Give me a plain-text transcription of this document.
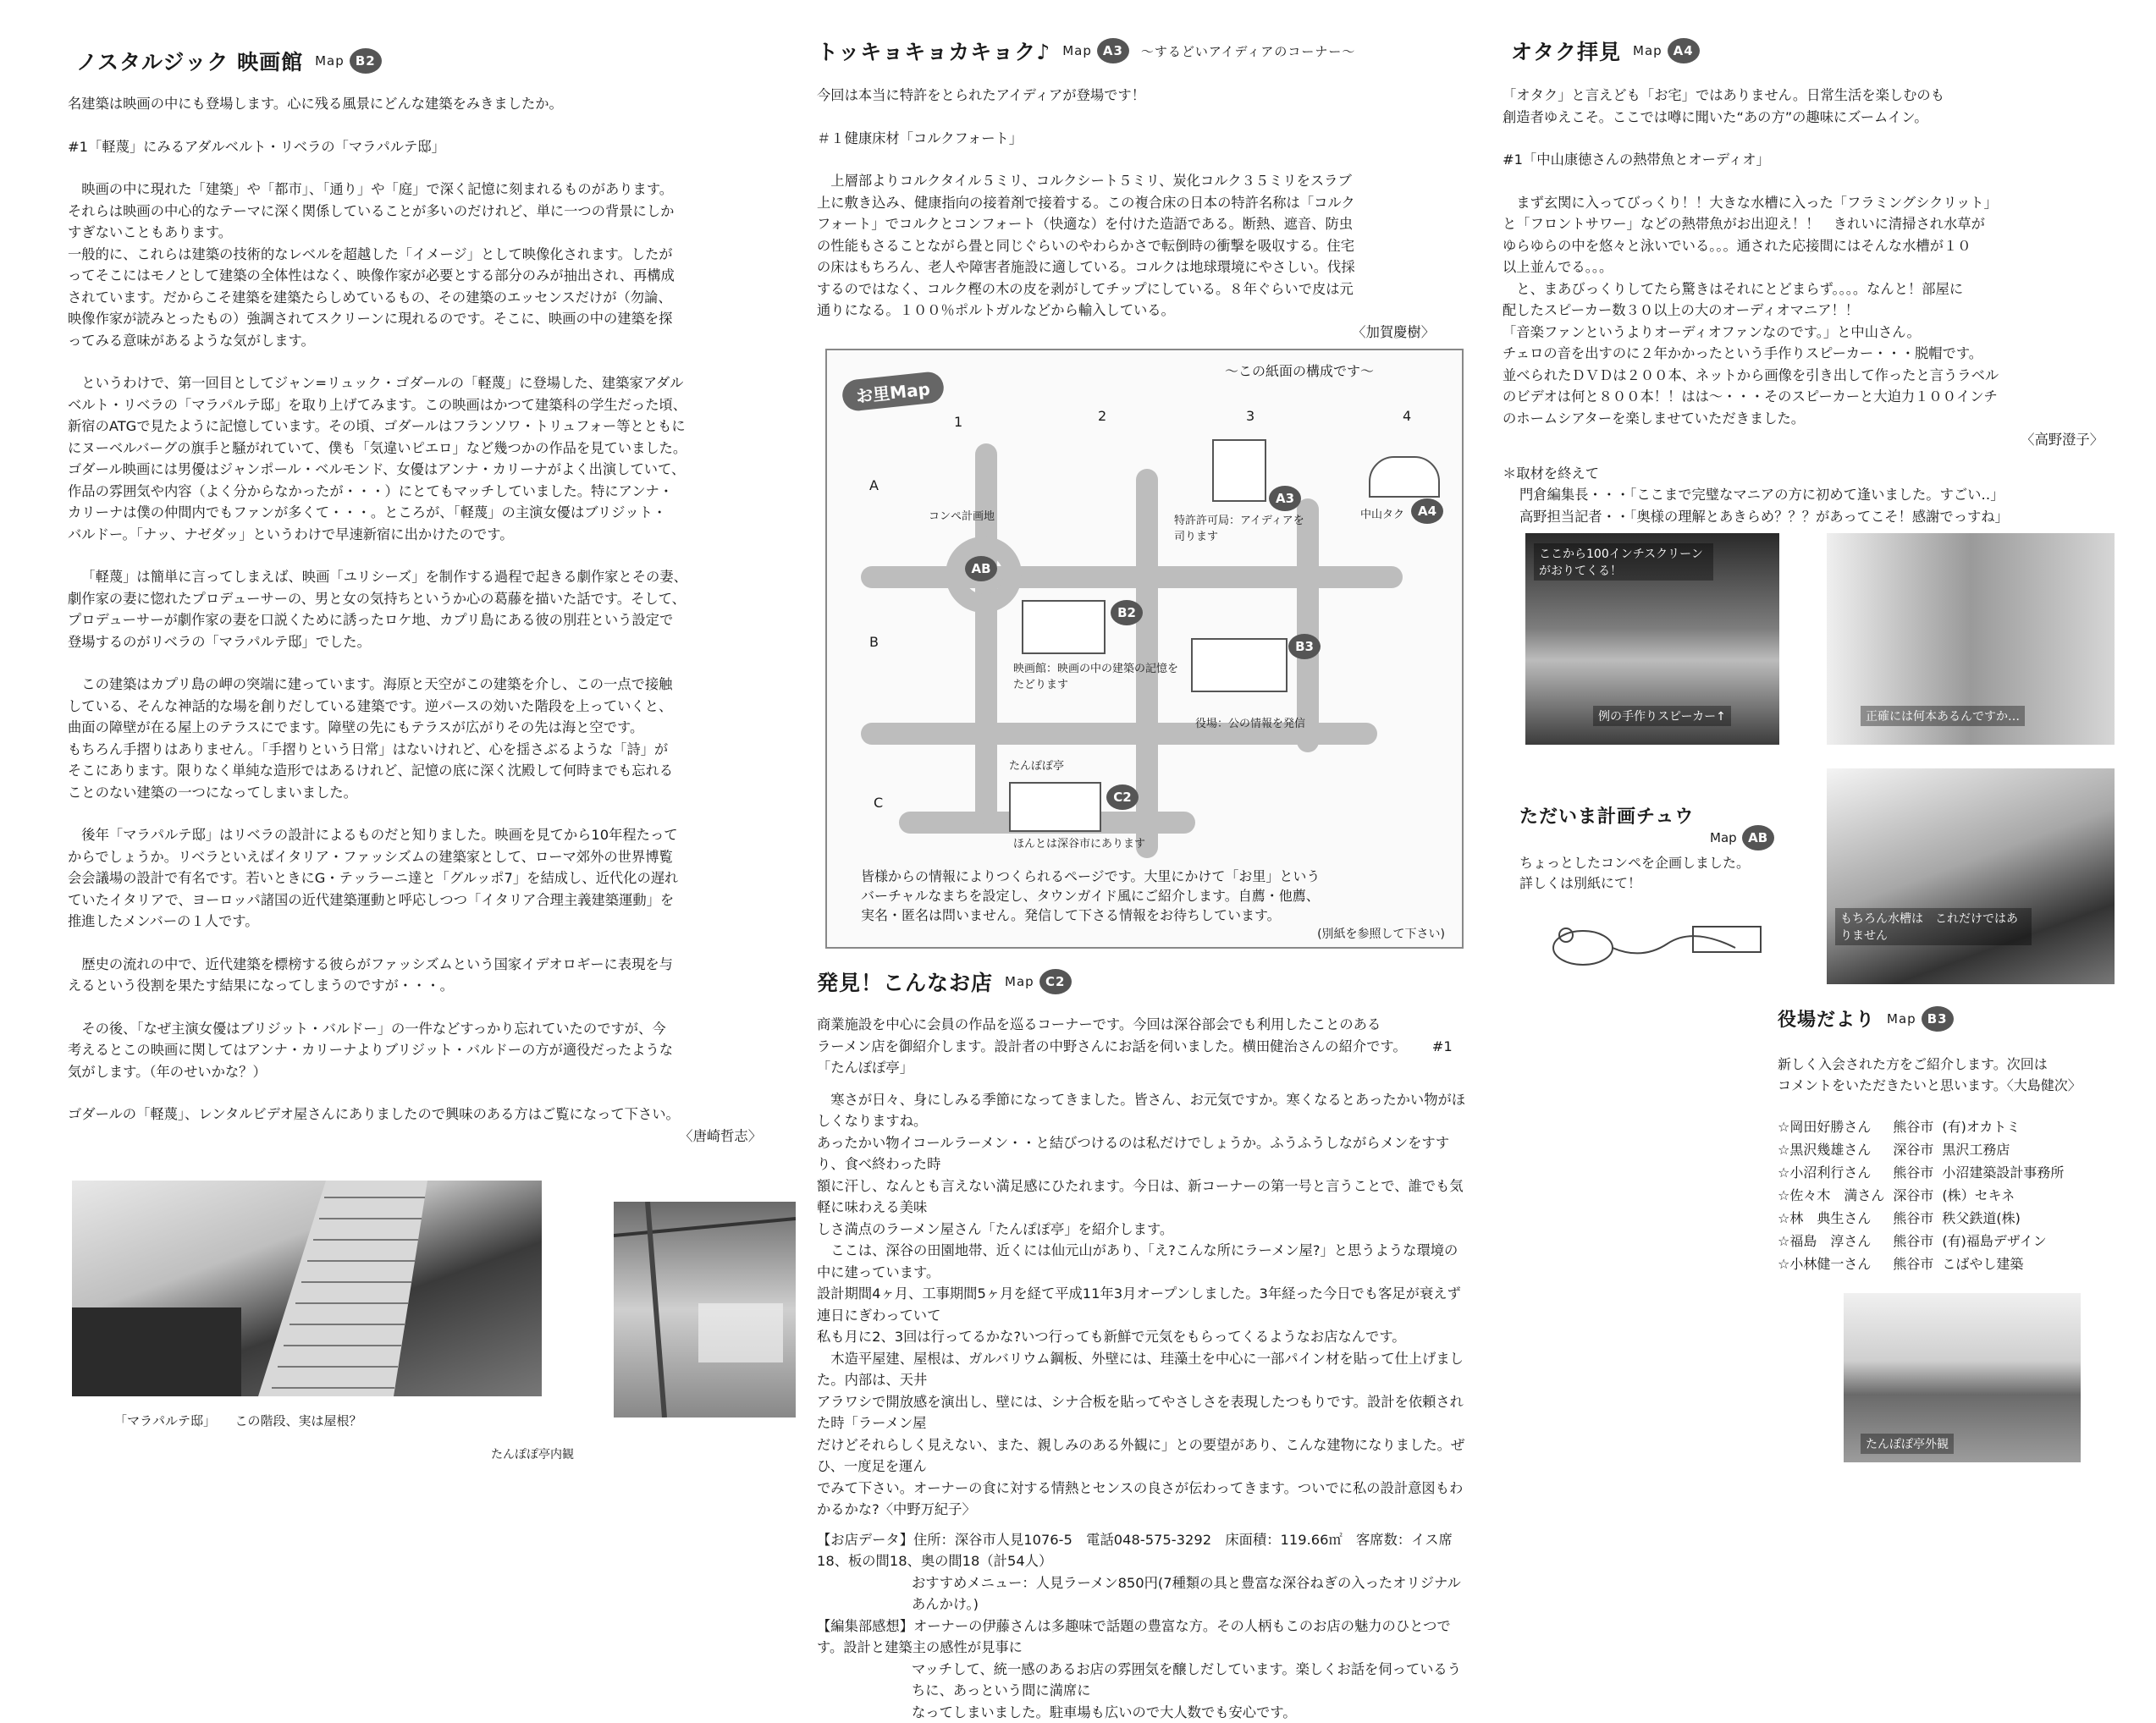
ノスタルジック 映画館 Map B2

名建築は映画の中にも登場します。心に残る風景にどんな建築をみきましたか。

#1「軽蔑」にみるアダルベルト・リベラの「マラパルテ邸」

映画の中に現れた「建築」や「都市」、「通り」や「庭」で深く記憶に刻まれるものがあります。

それらは映画の中心的なテーマに深く関係していることが多いのだけれど、単に一つの背景にしか

すぎないこともあります。

一般的に、これらは建築の技術的なレベルを超越した「イメージ」として映像化されます。したが

ってそこにはモノとして建築の全体性はなく、映像作家が必要とする部分のみが抽出され、再構成

されています。だからこそ建築を建築たらしめているもの、その建築のエッセンスだけが（勿論、

映像作家が読みとったもの）強調されてスクリーンに現れるのです。そこに、映画の中の建築を探

ってみる意味があるような気がします。

というわけで、第一回目としてジャン=リュック・ゴダールの「軽蔑」に登場した、建築家アダル

ベルト・リベラの「マラパルテ邸」を取り上げてみます。この映画はかつて建築科の学生だった頃、

新宿のATGで見たように記憶しています。その頃、ゴダールはフランソワ・トリュフォー等とともに

にヌーベルバーグの旗手と騒がれていて、僕も「気違いピエロ」など幾つかの作品を見ていました。

ゴダール映画には男優はジャンポール・ベルモンド、女優はアンナ・カリーナがよく出演していて、

作品の雰囲気や内容（よく分からなかったが・・・）にとてもマッチしていました。特にアンナ・

カリーナは僕の仲間内でもファンが多くて・・・。ところが、「軽蔑」の主演女優はブリジット・

バルドー。「ナッ、ナゼダッ」というわけで早速新宿に出かけたのです。

「軽蔑」は簡単に言ってしまえば、映画「ユリシーズ」を制作する過程で起きる劇作家とその妻、

劇作家の妻に惚れたプロデューサーの、男と女の気持ちというか心の葛藤を描いた話です。そして、

プロデューサーが劇作家の妻を口説くために誘ったロケ地、カプリ島にある彼の別荘という設定で

登場するのがリベラの「マラパルテ邸」でした。

この建築はカプリ島の岬の突端に建っています。海原と天空がこの建築を介し、この一点で接触

している、そんな神話的な場を創りだしている建築です。逆パースの効いた階段を上っていくと、

曲面の障壁が在る屋上のテラスにでます。障壁の先にもテラスが広がりその先は海と空です。

もちろん手摺りはありません。「手摺りという日常」はないけれど、心を揺さぶるような「詩」が

そこにあります。限りなく単純な造形ではあるけれど、記憶の底に深く沈殿して何時までも忘れる

ことのない建築の一つになってしまいました。

後年「マラパルテ邸」はリベラの設計によるものだと知りました。映画を見てから10年程たって

からでしょうか。リベラといえばイタリア・ファッシズムの建築家として、ローマ郊外の世界博覧

会会議場の設計で有名です。若いときにG・テッラーニ達と「グルッポ7」を結成し、近代化の遅れ

ていたイタリアで、ヨーロッパ諸国の近代建築運動と呼応しつつ「イタリア合理主義建築運動」を

推進したメンバーの１人です。

歴史の流れの中で、近代建築を標榜する彼らがファッシズムという国家イデオロギーに表現を与

えるという役割を果たす結果になってしまうのですが・・・。

その後、「なぜ主演女優はブリジット・バルドー」の一件などすっかり忘れていたのですが、今

考えるとこの映画に関してはアンナ・カリーナよりブリジット・バルドーの方が適役だったような

気がします。（年のせいかな？）

ゴダールの「軽蔑」、レンタルビデオ屋さんにありましたので興味のある方はご覧になって下さい。

〈唐崎哲志〉

「マラパルテ邸」　　この階段、実は屋根？
たんぽぽ亭内観
トッキョキョカキョク♪ Map A3	〜するどいアイディアのコーナー〜

今回は本当に特許をとられたアイディアが登場です！

＃１健康床材「コルクフォート」

上層部よりコルクタイル５ミリ、コルクシート５ミリ、炭化コルク３５ミリをスラブ

上に敷き込み、健康指向の接着剤で接着する。この複合床の日本の特許名称は「コルク

フォート」でコルクとコンフォート（快適な）を付けた造語である。断熱、遮音、防虫

の性能もさることながら畳と同じぐらいのやわらかさで転倒時の衝撃を吸収する。住宅

の床はもちろん、老人や障害者施設に適している。コルクは地球環境にやさしい。伐採

するのではなく、コルク樫の木の皮を剥がしてチップにしている。８年ぐらいで皮は元

通りになる。１００％ポルトガルなどから輸入している。

〈加賀慶樹〉

お里Map
〜この紙面の構成です〜
1	2	3	4
A
B
C
コンペ計画地
AB
A3
特許許可局：アイディアを司ります
A4
中山タク
B2
映画館：映画の中の建築の記憶をたどります
B3
役場：公の情報を発信
たんぽぽ亭
C2
ほんとは深谷市にあります
皆様からの情報によりつくられるページです。大里にかけて「お里」という
バーチャルなまちを設定し、タウンガイド風にご紹介します。自薦・他薦、
実名・匿名は問いません。発信して下さる情報をお待ちしています。
(別紙を参照して下さい)
発見！こんなお店 Map C2

商業施設を中心に会員の作品を巡るコーナーです。今回は深谷部会でも利用したことのある

ラーメン店を御紹介します。設計者の中野さんにお話を伺いました。横田健治さんの紹介です。 #1「たんぽぽ亭」

寒さが日々、身にしみる季節になってきました。皆さん、お元気ですか。寒くなるとあったかい物がほしくなりますね。

あったかい物イコールラーメン・・と結びつけるのは私だけでしょうか。ふうふうしながらメンをすすり、食べ終わった時

額に汗し、なんとも言えない満足感にひたれます。今日は、新コーナーの第一号と言うことで、誰でも気軽に味わえる美味

しさ満点のラーメン屋さん「たんぽぽ亭」を紹介します。

ここは、深谷の田園地帯、近くには仙元山があり、「え?こんな所にラーメン屋?」と思うような環境の中に建っています。

設計期間4ヶ月、工事期間5ヶ月を経て平成11年3月オープンしました。3年経った今日でも客足が衰えず連日にぎわっていて

私も月に2、3回は行ってるかな?いつ行っても新鮮で元気をもらってくるようなお店なんです。

木造平屋建、屋根は、ガルバリウム鋼板、外壁には、珪藻土を中心に一部パイン材を貼って仕上げました。内部は、天井

アラワシで開放感を演出し、壁には、シナ合板を貼ってやさしさを表現したつもりです。設計を依頼された時「ラーメン屋

だけどそれらしく見えない、また、親しみのある外観に」との要望があり、こんな建物になりました。ぜひ、一度足を運ん

でみて下さい。オーナーの食に対する情熱とセンスの良さが伝わってきます。ついでに私の設計意図もわかるかな?〈中野万紀子〉

【お店データ】住所：深谷市人見1076-5　電話048-575-3292　床面積：119.66㎡　客席数：イス席18、板の間18、奥の間18（計54人）

おすすめメニュー：人見ラーメン850円(7種類の具と豊富な深谷ねぎの入ったオリジナルあんかけ。)

【編集部感想】オーナーの伊藤さんは多趣味で話題の豊富な方。その人柄もこのお店の魅力のひとつです。設計と建築主の感性が見事に

マッチして、統一感のあるお店の雰囲気を醸しだしています。楽しくお話を伺っているうちに、あっという間に満席に

なってしまいました。駐車場も広いので大人数でも安心です。

オタク拝見 Map A4

「オタク」と言えども「お宅」ではありません。日常生活を楽しむのも

創造者ゆえこそ。ここでは噂に聞いた“あの方”の趣味にズームイン。

#1「中山康徳さんの熱帯魚とオーディオ」

まず玄関に入ってびっくり！！大きな水槽に入った「フラミングシクリット」

と「フロントサワー」などの熱帯魚がお出迎え！！　きれいに清掃され水草が

ゆらゆらの中を悠々と泳いでいる。。。通された応接間にはそんな水槽が１０

以上並んでる。。。

と、まあびっくりしてたら驚きはそれにとどまらず。。。。なんと！部屋に

配したスピーカー数３０以上の大のオーディオマニア！！

「音楽ファンというよりオーディオファンなのです。」と中山さん。

チェロの音を出すのに２年かかったという手作りスピーカー・・・脱帽です。

並べられたＤＶＤは２００本、ネットから画像を引き出して作ったと言うラベル

のビデオは何と８００本！！はは〜・・・そのスピーカーと大迫力１００インチ

のホームシアターを楽しませていただきました。

〈高野澄子〉

＊取材を終えて

門倉編集長・・・「ここまで完璧なマニアの方に初めて逢いました。すごい‥」

高野担当記者・・「奥様の理解とあきらめ？？？があってこそ！感謝でっすね」

ここから100インチスクリーンがおりてくる！
例の手作りスピーカー↑	正確には何本あるんですか…
ただいま計画チュウ
Map AB
ちょっとしたコンペを企画しました。
詳しくは別紙にて！
もちろん水槽は　これだけではありません
役場だより Map B3
新しく入会された方をご紹介します。次回は
コメントをいただきたいと思います。〈大島健次〉
☆岡田好勝さん	熊谷市	(有)オカトミ
☆黒沢幾雄さん	深谷市	黒沢工務店
☆小沼利行さん	熊谷市	小沼建築設計事務所
☆佐々木　満さん	深谷市	(株）セキネ
☆林　典生さん	熊谷市	秩父鉄道(株)
☆福島　淳さん	熊谷市	(有)福島デザイン
☆小林健一さん	熊谷市	こばやし建築
たんぽぽ亭外観
